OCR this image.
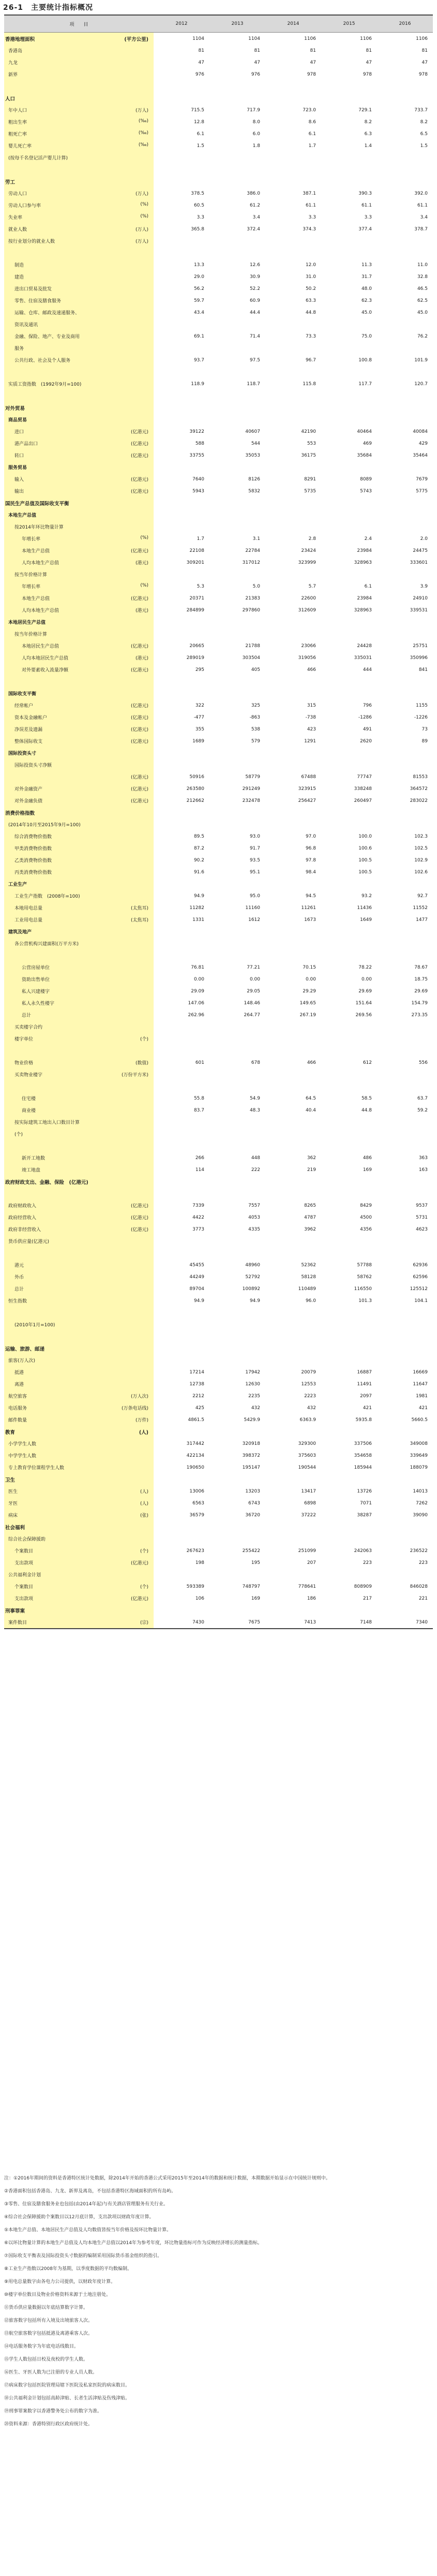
26-1　主要统计指标概况
项　　目	2012	2013	2014	2015	2016
香港地理面积 (平方公里)	1104	1104	1106	1106	1106
香港岛	81	81	81	81	81
九龙	47	47	47	47	47
新界	976	976	978	978	978

人口

年中人口 (万人)	715.5	717.9	723.0	729.1	733.7
粗出生率 (‰)	12.8	8.0	8.6	8.2	8.2
粗死亡率 (‰)	6.1	6.0	6.1	6.3	6.5
婴儿死亡率 (‰)	1.5	1.8	1.7	1.4	1.5
(按每千名登记活产婴儿计算)

劳工

劳动人口 (万人)	378.5	386.0	387.1	390.3	392.0
劳动人口参与率 (%)	60.5	61.2	61.1	61.1	61.1
失业率 (%)	3.3	3.4	3.3	3.3	3.4
就业人数 (万人)	365.8	372.4	374.3	377.4	378.7
按行业划分的就业人数 (万人)					

制造	13.3	12.6	12.0	11.3	11.0
建造	29.0	30.9	31.0	31.7	32.8
进出口贸易及批发	56.2	52.2	50.2	48.0	46.5
零售、住宿及膳食服务	59.7	60.9	63.3	62.3	62.5
运输、仓库、邮政及速递服务、	43.4	44.4	44.8	45.0	45.0
资讯及通讯

金融、保险、地产、专业及商用	69.1	71.4	73.3	75.0	76.2
服务

公共行政、社会及个人服务	93.7	97.5	96.7	100.8	101.9

实质工资指数　(1992年9月=100)	118.9	118.7	115.8	117.7	120.7

对外贸易

商品贸易

进口 (亿港元)	39122	40607	42190	40464	40084
港产品出口 (亿港元)	588	544	553	469	429
转口 (亿港元)	33755	35053	36175	35684	35464
服务贸易

输入 (亿港元)	7640	8126	8291	8089	7679
输出 (亿港元)	5943	5832	5735	5743	5775
国民生产总值及国际收支平衡

本地生产总值

按2014年环比物量计算

年增长率 (%)	1.7	3.1	2.8	2.4	2.0
本地生产总值 (亿港元)	22108	22784	23424	23984	24475
人均本地生产总值 (港元)	309201	317012	323999	328963	333601
按当年价格计算

年增长率 (%)	5.3	5.0	5.7	6.1	3.9
本地生产总值 (亿港元)	20371	21383	22600	23984	24910
人均本地生产总值 (港元)	284899	297860	312609	328963	339531
本地居民生产总值

按当年价格计算

本地居民生产总值 (亿港元)	20665	21788	23066	24428	25751
人均本地居民生产总值 (港元)	289019	303504	319056	335031	350996
对外要素收入流量净额 (亿港元)	295	405	466	444	841

国际收支平衡

经常帐户 (亿港元)	322	325	315	796	1155
资本及金融帐户 (亿港元)	-477	-863	-738	-1286	-1226
净误差及遗漏 (亿港元)	355	538	423	491	73
整体国际收支 (亿港元)	1689	579	1291	2620	89
国际投资头寸

国际投资头寸净额

(亿港元)	50916	58779	67488	77747	81553
对外金融资产 (亿港元)	263580	291249	323915	338248	364572
对外金融负债 (亿港元)	212662	232478	256427	260497	283022
消费价格指数

(2014年10月至2015年9月=100)

综合消费物价指数	89.5	93.0	97.0	100.0	102.3
甲类消费物价指数	87.2	91.7	96.8	100.6	102.5
乙类消费物价指数	90.2	93.5	97.8	100.5	102.9
丙类消费物价指数	91.6	95.1	98.4	100.5	102.6
工业生产

工业生产指数　(2008年=100)	94.9	95.0	94.5	93.2	92.7
本地用电总量 (太焦耳)	11282	11160	11261	11436	11552
工业用电总量 (太焦耳)	1331	1612	1673	1649	1477
建筑及地产

各公营机构兴建面积(万平方米)

公营房屋单位	76.81	77.21	70.15	78.22	78.67
资助出售单位	0.00	0.00	0.00	0.00	18.75
私人兴建楼宇	29.09	29.05	29.29	29.69	29.69
私人永久性楼宇	147.06	148.46	149.65	151.64	154.79
总计	262.96	264.77	267.19	269.56	273.35
买卖楼宇合约

楼宇单位 (个)					

物业价格 (数值)	601	678	466	612	556
买卖物业楼宇 (万份平方米)					

住宅楼	55.8	54.9	64.5	58.5	63.7
商业楼	83.7	48.3	40.4	44.8	59.2
按实际建筑工地出入口数目计算

(个)

新开工地数	266	448	362	486	363
竣工地盘	114	222	219	169	163
政府财政支出、金融、保险　(亿港元)

政府财政收入 (亿港元)	7339	7557	8265	8429	9537
政府经营收入 (亿港元)	4422	4053	4787	4500	5731
政府非经营收入 (亿港元)	3773	4335	3962	4356	4623
货币供应量(亿港元)

港元	45455	48960	52362	57788	62936
外币	44249	52792	58128	58762	62596
总计	89704	100892	110489	116550	125512
恒生指数	94.9	94.9	96.0	101.3	104.1

(2010年1月=100)

运输、旅游、邮递

旅客(万人次)

抵港	17214	17942	20079	16887	16669
离港	12738	12630	12553	11491	11647
航空旅客 (万人次)	2212	2235	2223	2097	1981
电话服务 (万条电话线)	425	432	432	421	421
邮件数量 (万件)	4861.5	5429.9	6363.9	5935.8	5660.5
教育 (人)					

小学学生人数	317442	320918	329300	337506	349008
中学学生人数	422134	398372	375603	354658	339649
专上教育学位课程学生人数	190650	195147	190544	185944	188079
卫生

医生 (人)	13006	13203	13417	13726	14013
牙医 (人)	6563	6743	6898	7071	7262
病床 (张)	36579	36720	37222	38287	39090
社会福利

综合社会保障援助

个案数目 (个)	267623	255422	251099	242063	236522
支出款项 (亿港元)	198	195	207	223	223
公共福利金计划

个案数目 (个)	593389	748797	778641	808909	846028
支出款项 (亿港元)	106	169	186	217	221
刑事罪案

案件数目 (宗)	7430	7675	7413	7148	7340

注：①2016年期间的资料是香港特区统计处数据，除2014年开始的香港公式采用2015年至2014年的数据和统计数据，本期数据开始显示在中国统计规则中。

②香港面积包括香港岛、九龙、新界及离岛，不包括香港特区海域面积的所有岛屿。

③零售、住宿及膳食服务业也包括(由2014年起)与有关酒店管理服务有关行业。

④综合社会保障援助个案数目以12月底计算，支出款项以财政年度计算。

⑤本地生产总值、本地居民生产总值及人均数值皆按当年价格及按环比物量计算。

⑥以环比物量计算的本地生产总值及人均本地生产总值以2014年为参考年度，环比物量指标可作为反映经济增长的测量指标。

⑦国际收支平衡表及国际投资头寸数据的编制采用国际货币基金组织的指引。

⑧工业生产指数以2008年为基期，以季度数据的平均数编制。

⑨用电总量数字由各电力公司提供，以财政年度计算。

⑩楼宇单位数目及物业价格资料来源于土地注册处。

⑪货币供应量数据以年底结算数字计算。

⑫旅客数字包括所有入境及出境旅客人次。

⑬航空旅客数字包括抵港及离港乘客人次。

⑭电话服务数字为年底电话线数目。

⑮学生人数包括日校及夜校的学生人数。

⑯医生、牙医人数为已注册的专业人员人数。

⑰病床数字包括医院管理局辖下医院及私家医院的病床数目。

⑱公共福利金计划包括高龄津贴、长者生活津贴及伤残津贴。

⑲刑事罪案数字以香港警务处公布的数字为准。

⑳资料来源：香港特别行政区政府统计处。
